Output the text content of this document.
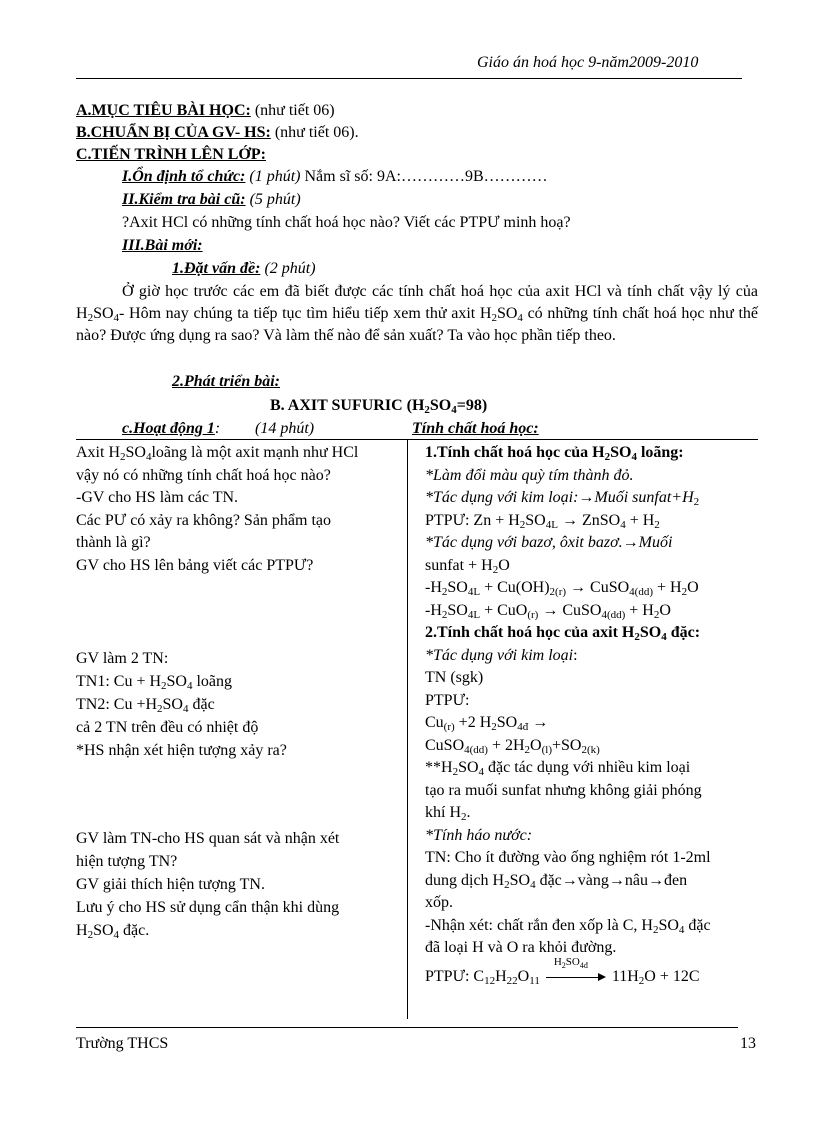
Giáo án hoá học 9-năm2009-2010
A.MỤC TIÊU BÀI HỌC: (như tiết 06)
B.CHUẨN BỊ CỦA GV- HS: (như tiết 06).
C.TIẾN TRÌNH LÊN LỚP:
I.Ổn định tổ chức: (1 phút) Nắm sĩ số: 9A:…………9B…………
II.Kiểm tra bài cũ: (5 phút)
?Axit HCl có những tính chất hoá học nào? Viết các PTPƯ minh hoạ?
III.Bài mới:
1.Đặt vấn đề: (2 phút)
Ở giờ học trước các em đã biết được các tính chất hoá học của axit HCl và tính chất vậy lý của $H_2SO_4-$ Hôm nay chúng ta tiếp tục tìm hiểu tiếp xem thử axit $H_2SO_4$ có những tính chất hoá học như thế nào? Được ứng dụng ra sao? Và làm thế nào để sản xuất? Ta vào học phần tiếp theo.
2.Phát triển bài:
B. AXIT SUFURIC $(H_2SO_4=98)$
c.Hoạt động 1: (14 phút)	Tính chất hoá học:
Axit $H_2SO_4loãng$ là một axit mạnh như HCl
vậy nó có những tính chất hoá học nào?
-GV cho HS làm các TN.
Các PƯ có xảy ra không? Sản phẩm tạo
thành là gì?
GV cho HS lên bảng viết các PTPƯ?
GV làm 2 TN:
TN1: $Cu + H_2SO_4$ loãng
TN2: $Cu +H_2SO_4$ đặc
cả 2 TN trên đều có nhiệt độ
*HS nhận xét hiện tượng xảy ra?
GV làm TN-cho HS quan sát và nhận xét
hiện tượng TN?
GV giải thích hiện tượng TN.
Lưu ý cho HS sử dụng cẩn thận khi dùng
$H_2SO_4$ đặc.
1.Tính chất hoá học của $H_2SO_4$ loãng:
*Làm đổi màu quỳ tím thành đỏ.
*Tác dụng với kim loại:→Muối $sunfat+H_2$
PTPƯ: $Zn + H_2SO_{4L}$ → ZnSO$_4$ + $H_2$
*Tác dụng với bazơ, ôxit bazơ.→Muối
sunfat + $H_2O$
$-H_2SO_{4L} + Cu(OH)_{2(r)}$ → CuSO$_{4(dd)}$ + $H_2O$
$-H_2SO_{4L} + CuO_{(r)}$ → CuSO$_{4(dd)}$ + $H_2O$
2.Tính chất hoá học của axit $H_2SO_4$ đặc:
*Tác dụng với kim loại:
TN (sgk)
PTPƯ:
$Cu_{(r)} +2$ $H_2SO_{4đ}$ →
CuSO$_{4(dd)}$ + $2H_2O_{(l)}+SO_{2(k)}$
$**H_2SO_4$ đặc tác dụng với nhiều kim loại
tạo ra muối sunfat nhưng không giải phóng
khí $H_2$.
*Tính háo nước:
TN: Cho ít đường vào ống nghiệm rót 1-2ml
dung dịch $H_2SO_4$ đặc→vàng→nâu→đen
xốp.
-Nhận xét: chất rắn đen xốp là C, $H_2SO_4$ đặc
đã loại H và O ra khỏi đường.
PTPƯ: $C_{12}H_{22}O_{11}$
$H_2SO_{4đ}$
$11H_2O + 12C$
Trường THCS	13
